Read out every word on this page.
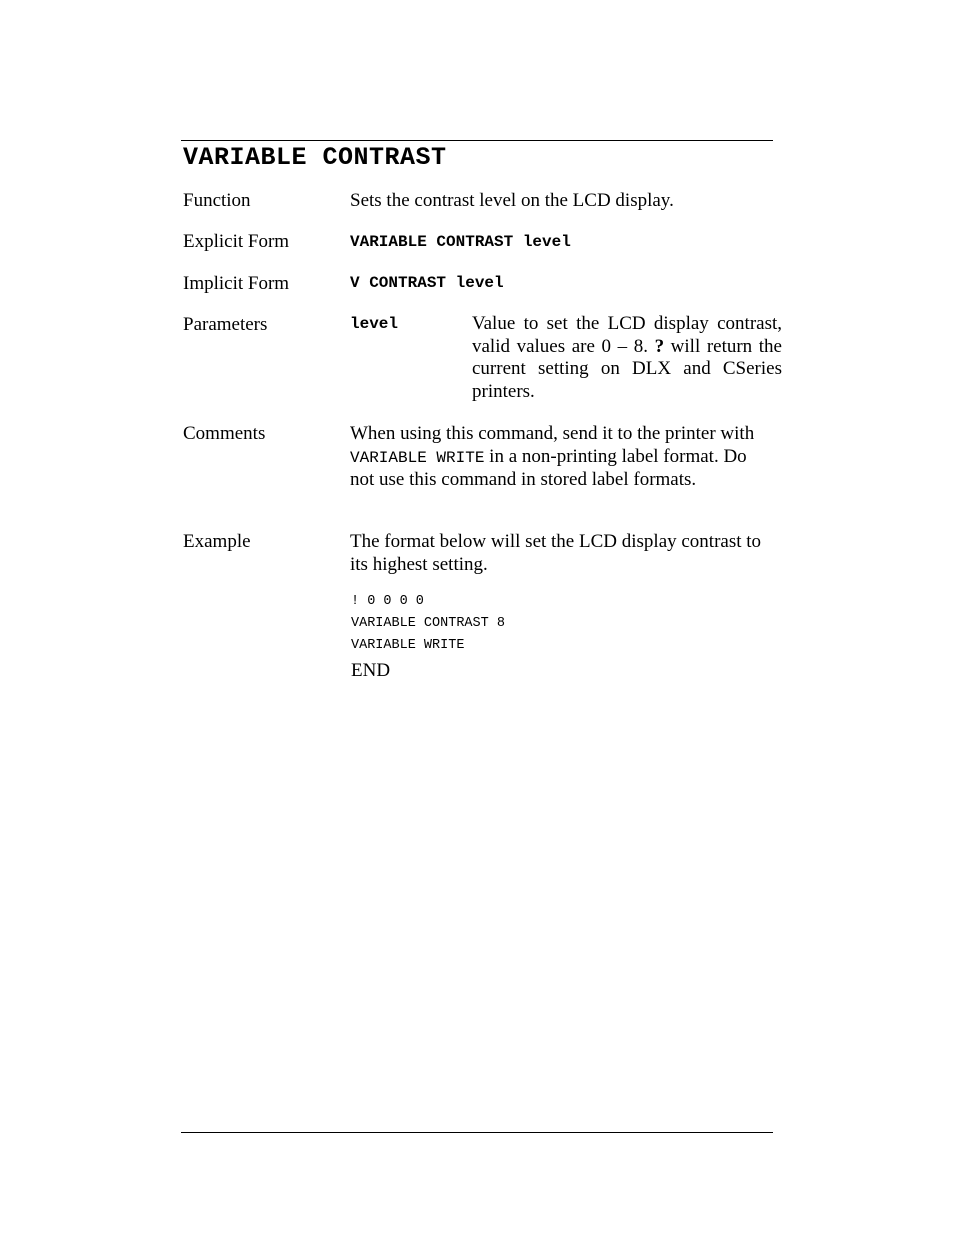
VARIABLE CONTRAST
Function	Sets the contrast level on the LCD display.
Explicit Form	VARIABLE CONTRAST level
Implicit Form	V CONTRAST level
Parameters	level	Value to set the LCD display contrast, valid values are 0 – 8. ? will return the current setting on DLX and CSeries printers.
Comments	When using this command, send it to the printer with VARIABLE WRITE in a non-printing label format. Do not use this command in stored label formats.
Example	The format below will set the LCD display contrast to its highest setting.
! 0 0 0 0
VARIABLE CONTRAST 8
VARIABLE WRITE
END
